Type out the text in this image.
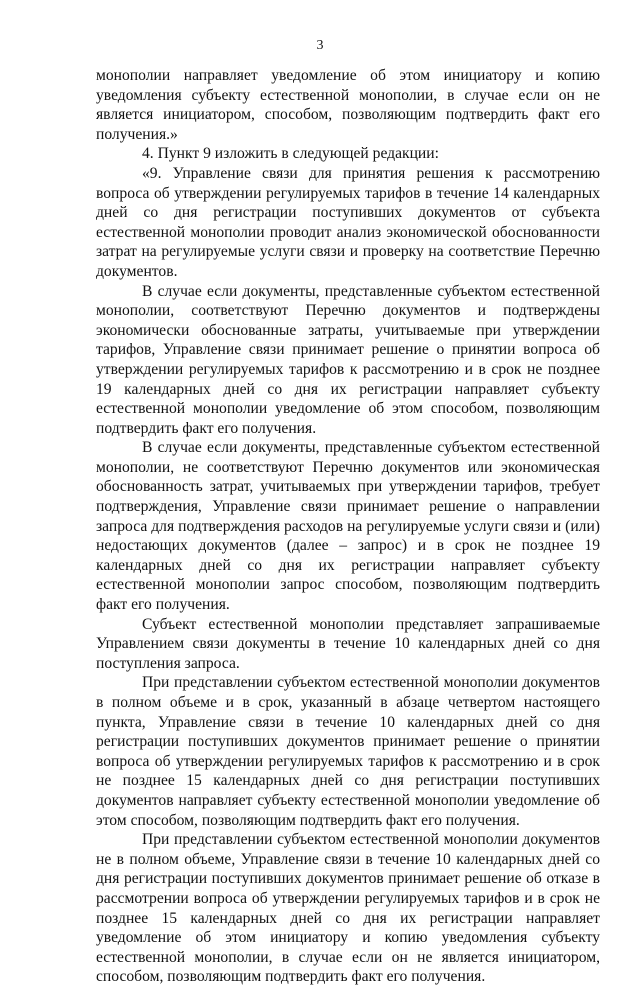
3

монополии направляет уведомление об этом инициатору и копию уведомления субъекту естественной монополии, в случае если он не является инициатором, способом, позволяющим подтвердить факт его получения.»

4. Пункт 9 изложить в следующей редакции:

«9. Управление связи для принятия решения к рассмотрению вопроса об утверждении регулируемых тарифов в течение 14 календарных дней со дня регистрации поступивших документов от субъекта естественной монополии проводит анализ экономической обоснованности затрат на регулируемые услуги связи и проверку на соответствие Перечню документов.

В случае если документы, представленные субъектом естественной монополии, соответствуют Перечню документов и подтверждены экономически обоснованные затраты, учитываемые при утверждении тарифов, Управление связи принимает решение о принятии вопроса об утверждении регулируемых тарифов к рассмотрению и в срок не позднее 19 календарных дней со дня их регистрации направляет субъекту естественной монополии уведомление об этом способом, позволяющим подтвердить факт его получения.

В случае если документы, представленные субъектом естественной монополии, не соответствуют Перечню документов или экономическая обоснованность затрат, учитываемых при утверждении тарифов, требует подтверждения, Управление связи принимает решение о направлении запроса для подтверждения расходов на регулируемые услуги связи и (или) недостающих документов (далее – запрос) и в срок не позднее 19 календарных дней со дня их регистрации направляет субъекту естественной монополии запрос способом, позволяющим подтвердить факт его получения.

Субъект естественной монополии представляет запрашиваемые Управлением связи документы в течение 10 календарных дней со дня поступления запроса.

При представлении субъектом естественной монополии документов в полном объеме и в срок, указанный в абзаце четвертом настоящего пункта, Управление связи в течение 10 календарных дней со дня регистрации поступивших документов принимает решение о принятии вопроса об утверждении регулируемых тарифов к рассмотрению и в срок не позднее 15 календарных дней со дня регистрации поступивших документов направляет субъекту естественной монополии уведомление об этом способом, позволяющим подтвердить факт его получения.

При представлении субъектом естественной монополии документов не в полном объеме, Управление связи в течение 10 календарных дней со дня регистрации поступивших документов принимает решение об отказе в рассмотрении вопроса об утверждении регулируемых тарифов и в срок не позднее 15 календарных дней со дня их регистрации направляет уведомление об этом инициатору и копию уведомления субъекту естественной монополии, в случае если он не является инициатором, способом, позволяющим подтвердить факт его получения.
